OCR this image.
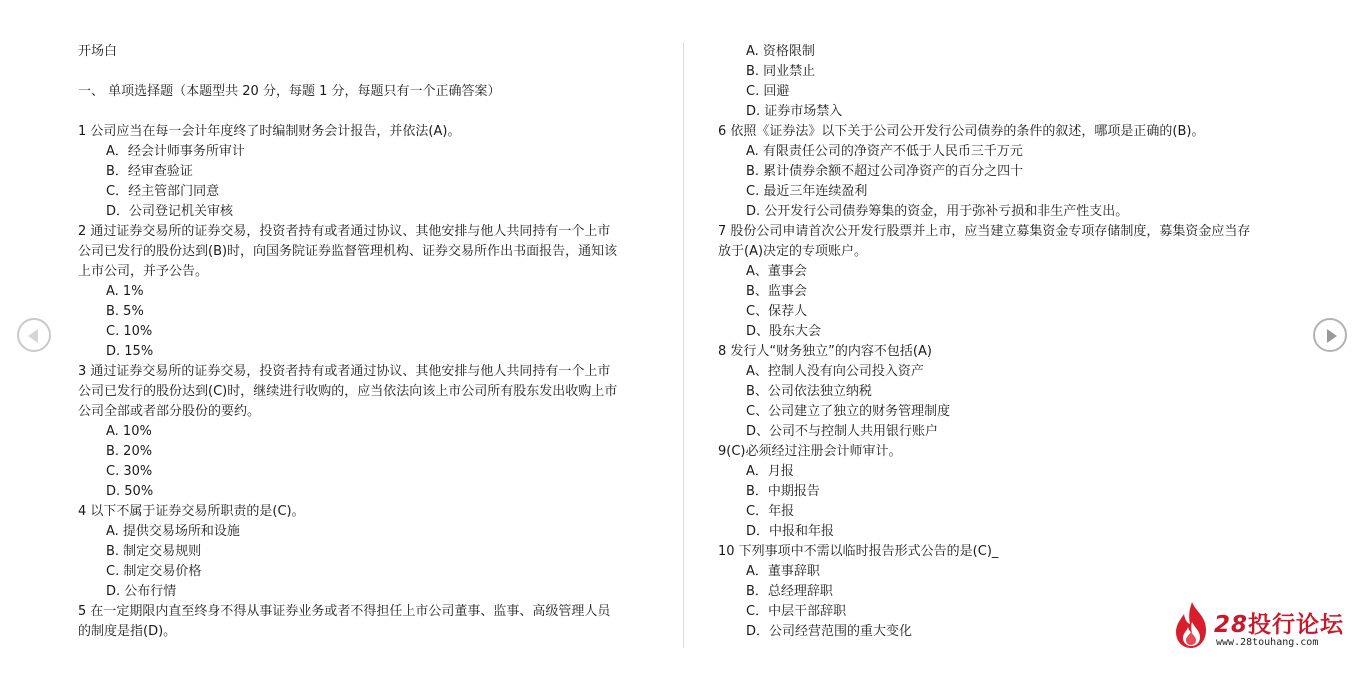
开场白
一、 单项选择题（本题型共 20 分，每题 1 分，每题只有一个正确答案）
1 公司应当在每一会计年度终了时编制财务会计报告，并依法(A)。
A．经会计师事务所审计
B．经审查验证
C．经主管部门同意
D．公司登记机关审核
2 通过证券交易所的证券交易，投资者持有或者通过协议、其他安排与他人共同持有一个上市
公司已发行的股份达到(B)时，向国务院证券监督管理机构、证券交易所作出书面报告，通知该
上市公司，并予公告。
A. 1%
B. 5%
C. 10%
D. 15%
3 通过证券交易所的证券交易，投资者持有或者通过协议、其他安排与他人共同持有一个上市
公司已发行的股份达到(C)时，继续进行收购的，应当依法向该上市公司所有股东发出收购上市
公司全部或者部分股份的要约。
A. 10%
B. 20%
C. 30%
D. 50%
4 以下不属于证券交易所职责的是(C)。
A. 提供交易场所和设施
B. 制定交易规则
C. 制定交易价格
D. 公布行情
5 在一定期限内直至终身不得从事证券业务或者不得担任上市公司董事、监事、高级管理人员
的制度是指(D)。
A. 资格限制
B. 同业禁止
C. 回避
D. 证券市场禁入
6 依照《证券法》以下关于公司公开发行公司债券的条件的叙述，哪项是正确的(B)。
A. 有限责任公司的净资产不低于人民币三千万元
B. 累计债券余额不超过公司净资产的百分之四十
C. 最近三年连续盈利
D. 公开发行公司债券筹集的资金，用于弥补亏损和非生产性支出。
7 股份公司申请首次公开发行股票并上市，应当建立募集资金专项存储制度，募集资金应当存
放于(A)决定的专项账户。
A、董事会
B、监事会
C、保荐人
D、股东大会
8 发行人“财务独立”的内容不包括(A)
A、控制人没有向公司投入资产
B、公司依法独立纳税
C、公司建立了独立的财务管理制度
D、公司不与控制人共用银行账户
9(C)必须经过注册会计师审计。
A．月报
B．中期报告
C．年报
D．中报和年报
10 下列事项中不需以临时报告形式公告的是(C)_
A．董事辞职
B．总经理辞职
C．中层干部辞职
D．公司经营范围的重大变化	28投行论坛
www.28touhang.com
